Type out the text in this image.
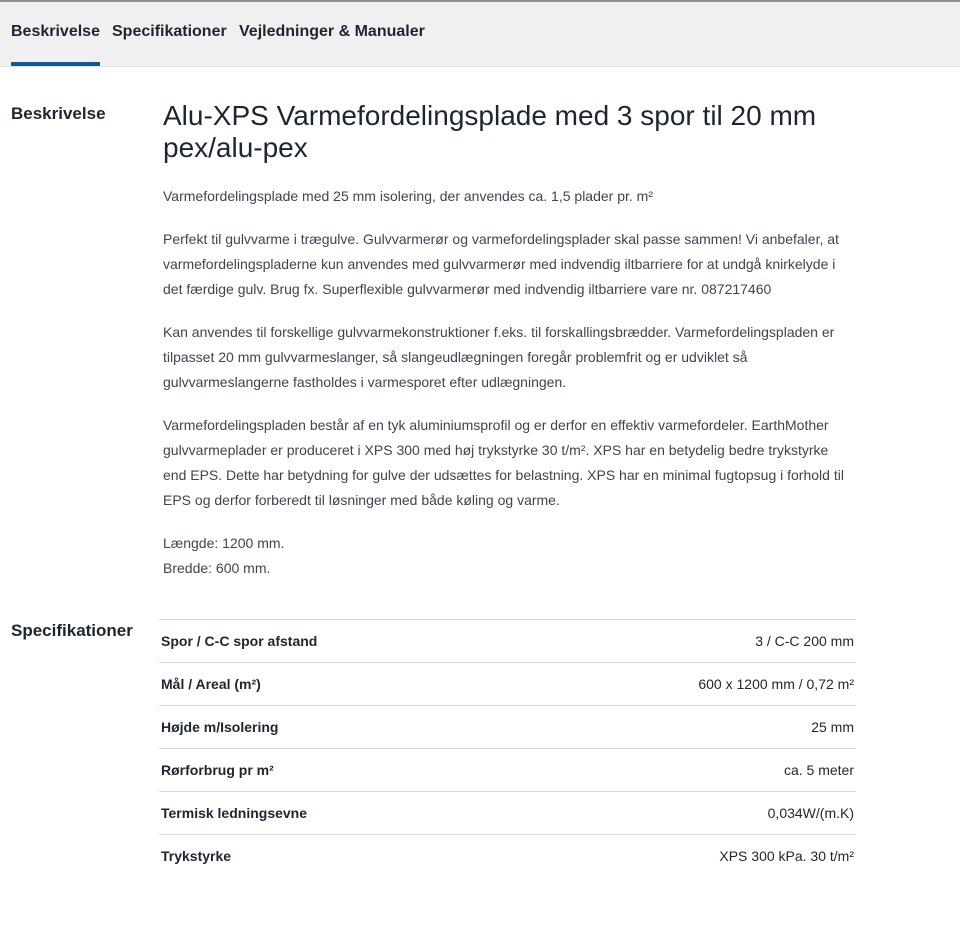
Beskrivelse Specifikationer Vejledninger & Manualer
Beskrivelse Alu-XPS Varmefordelingsplade med 3 spor til 20 mm pex/alu-pex

Varmefordelingsplade med 25 mm isolering, der anvendes ca. 1,5 plader pr. m²

Perfekt til gulvvarme i trægulve. Gulvvarmerør og varmefordelingsplader skal passe sammen! Vi anbefaler, at varmefordelingspladerne kun anvendes med gulvvarmerør med indvendig iltbarriere for at undgå knirkelyde i det færdige gulv. Brug fx. Superflexible gulvvarmerør med indvendig iltbarriere vare nr. 087217460

Kan anvendes til forskellige gulvvarmekonstruktioner f.eks. til forskallingsbrædder. Varmefordelingspladen er tilpasset 20 mm gulvvarmeslanger, så slangeudlægningen foregår problemfrit og er udviklet så gulvvarmeslangerne fastholdes i varmesporet efter udlægningen.

Varmefordelingspladen består af en tyk aluminiumsprofil og er derfor en effektiv varmefordeler. EarthMother gulvvarmeplader er produceret i XPS 300 med høj trykstyrke 30 t/m². XPS har en betydelig bedre trykstyrke end EPS. Dette har betydning for gulve der udsættes for belastning. XPS har en minimal fugtopsug i forhold til EPS og derfor forberedt til løsninger med både køling og varme.

Længde: 1200 mm.

Bredde: 600 mm.

Specifikationer
Spor / C-C spor afstand	3 / C-C 200 mm
Mål / Areal (m²)	600 x 1200 mm / 0,72 m²
Højde m/Isolering	25 mm
Rørforbrug pr m²	ca. 5 meter
Termisk ledningsevne	0,034W/(m.K)
Trykstyrke	XPS 300 kPa. 30 t/m²
